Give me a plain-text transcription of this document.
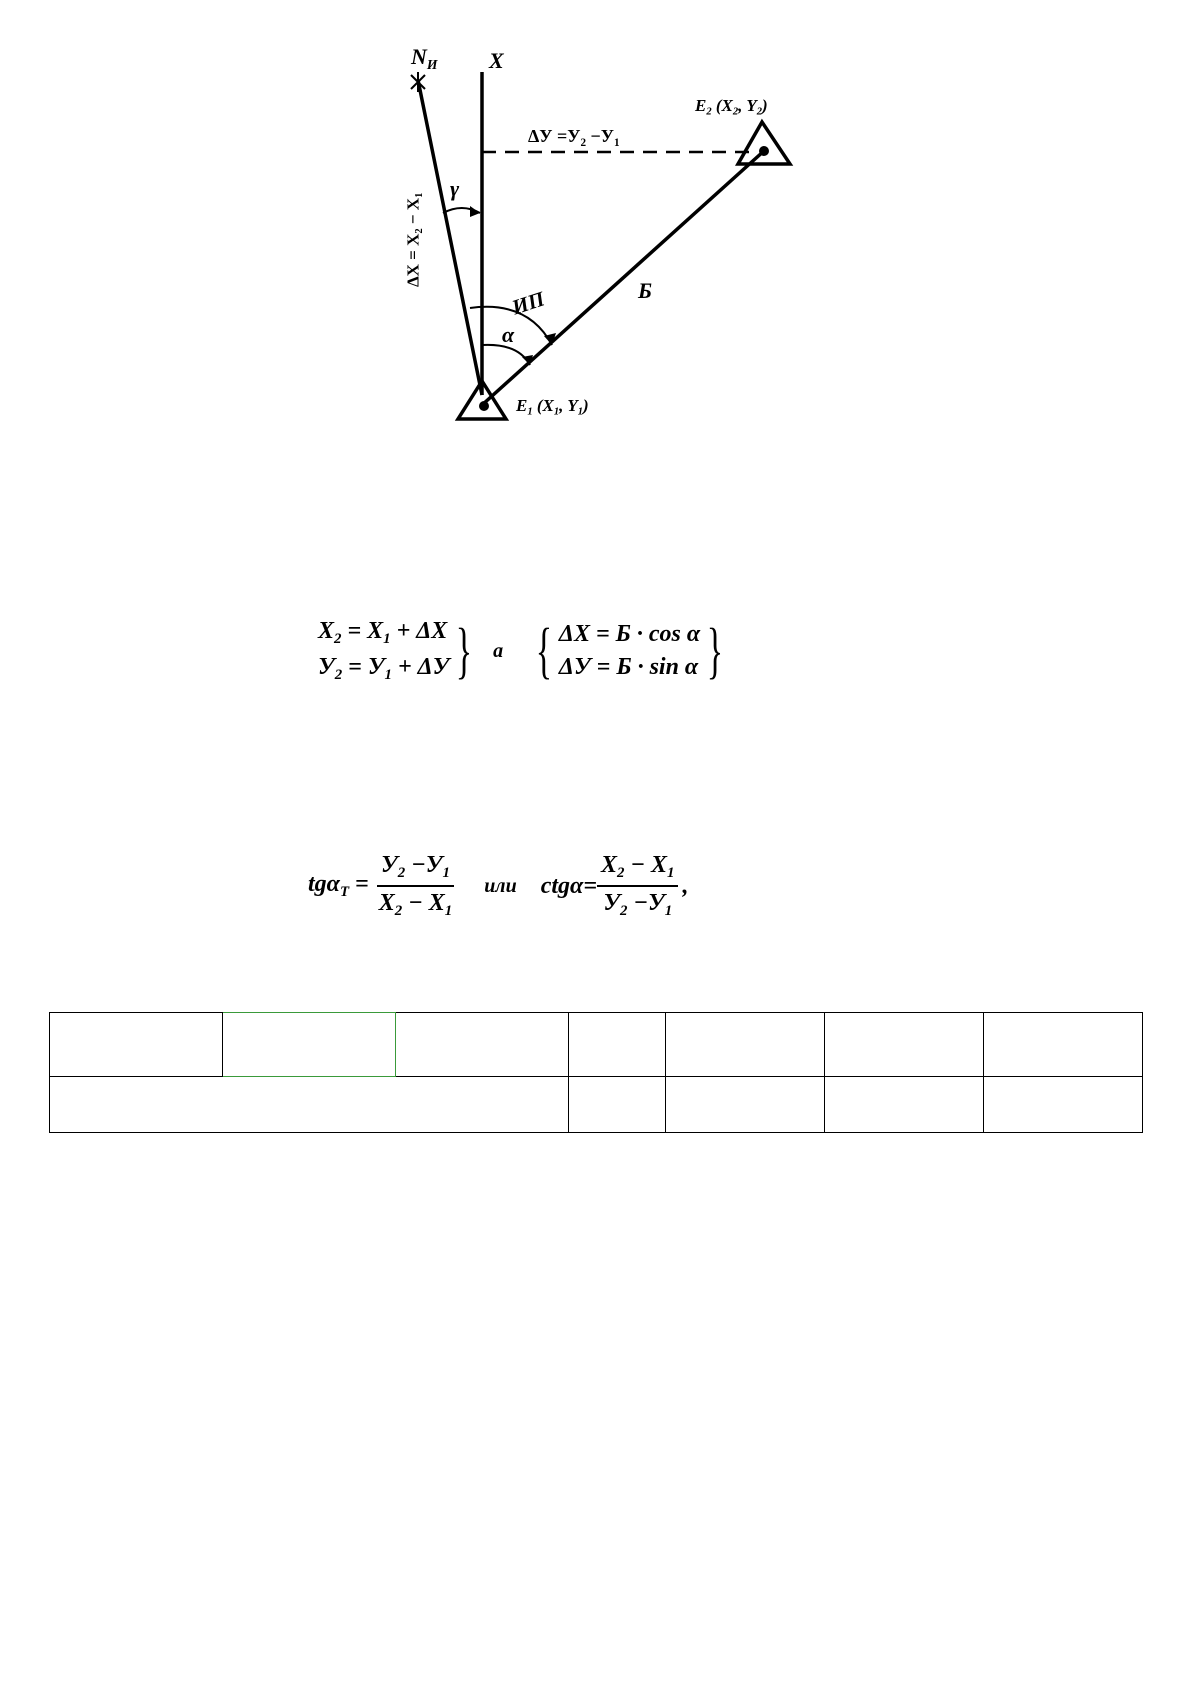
$N_И$ X
$E_2$ ($X_2$, $Y_2$)
$\Delta У =У_2 -У_1$
$\Delta X = X_2 - X_1$ γ
ИП
α
Б
$E_1$ ($X_1$, $Y_1$)
$X_2 = X_1 + \Delta X$
$У_2 = У_1 + \Delta У$ } а { ΔX = Б · cos α
ΔУ = Б · sin α }
$tg\alpha_T = \frac{У_2 -У_1}{X_2 - X_1}$ или $ctg\alpha= \frac{X_2 - X_1}{У_2 -У_1}$ ,
